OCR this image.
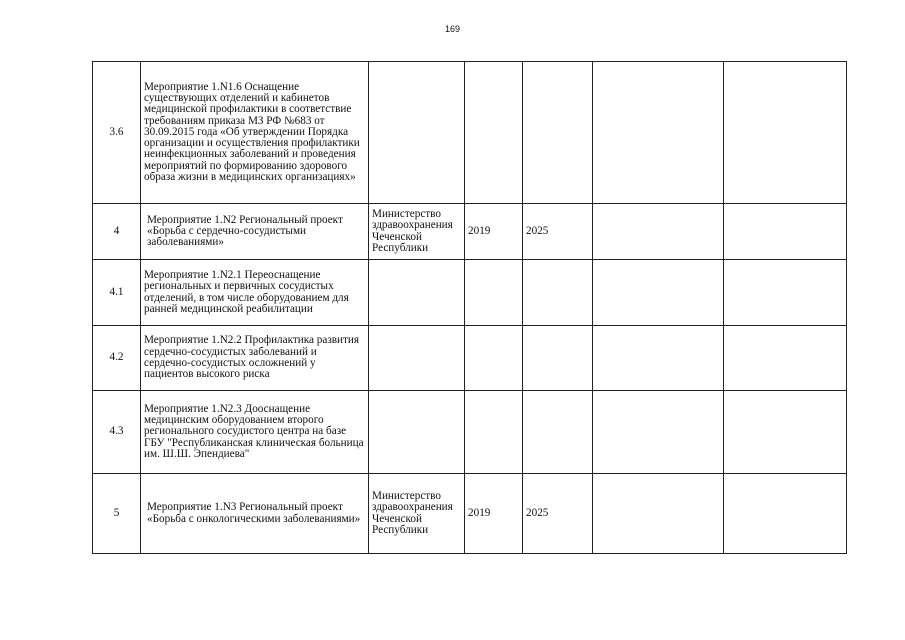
169
3.6	Мероприятие 1.N1.6 Оснащение существующих отделений и кабинетов медицинской профилактики в соответствие требованиям приказа МЗ РФ №683 от 30.09.2015 года «Об утверждении Порядка организации и осуществления профилактики неинфекционных заболеваний и проведения мероприятий по формированию здорового образа жизни в медицинских организациях»					
4	Мероприятие 1.N2 Региональный проект «Борьба с сердечно-сосудистыми заболеваниями»	Министерство здравоохранения Чеченской Республики	2019	2025		
4.1	Мероприятие 1.N2.1 Переоснащение региональных и первичных сосудистых отделений, в том числе оборудованием для ранней медицинской реабилитации					
4.2	Мероприятие 1.N2.2 Профилактика развития сердечно-сосудистых заболеваний и сердечно-сосудистых осложнений у пациентов высокого риска					
4.3	Мероприятие 1.N2.3 Дооснащение медицинским оборудованием второго регионального сосудистого центра на базе ГБУ "Республиканская клиническая больница им. Ш.Ш. Эпендиева"					
5	Мероприятие 1.N3 Региональный проект «Борьба с онкологическими заболеваниями»	Министерство здравоохранения Чеченской Республики	2019	2025		
